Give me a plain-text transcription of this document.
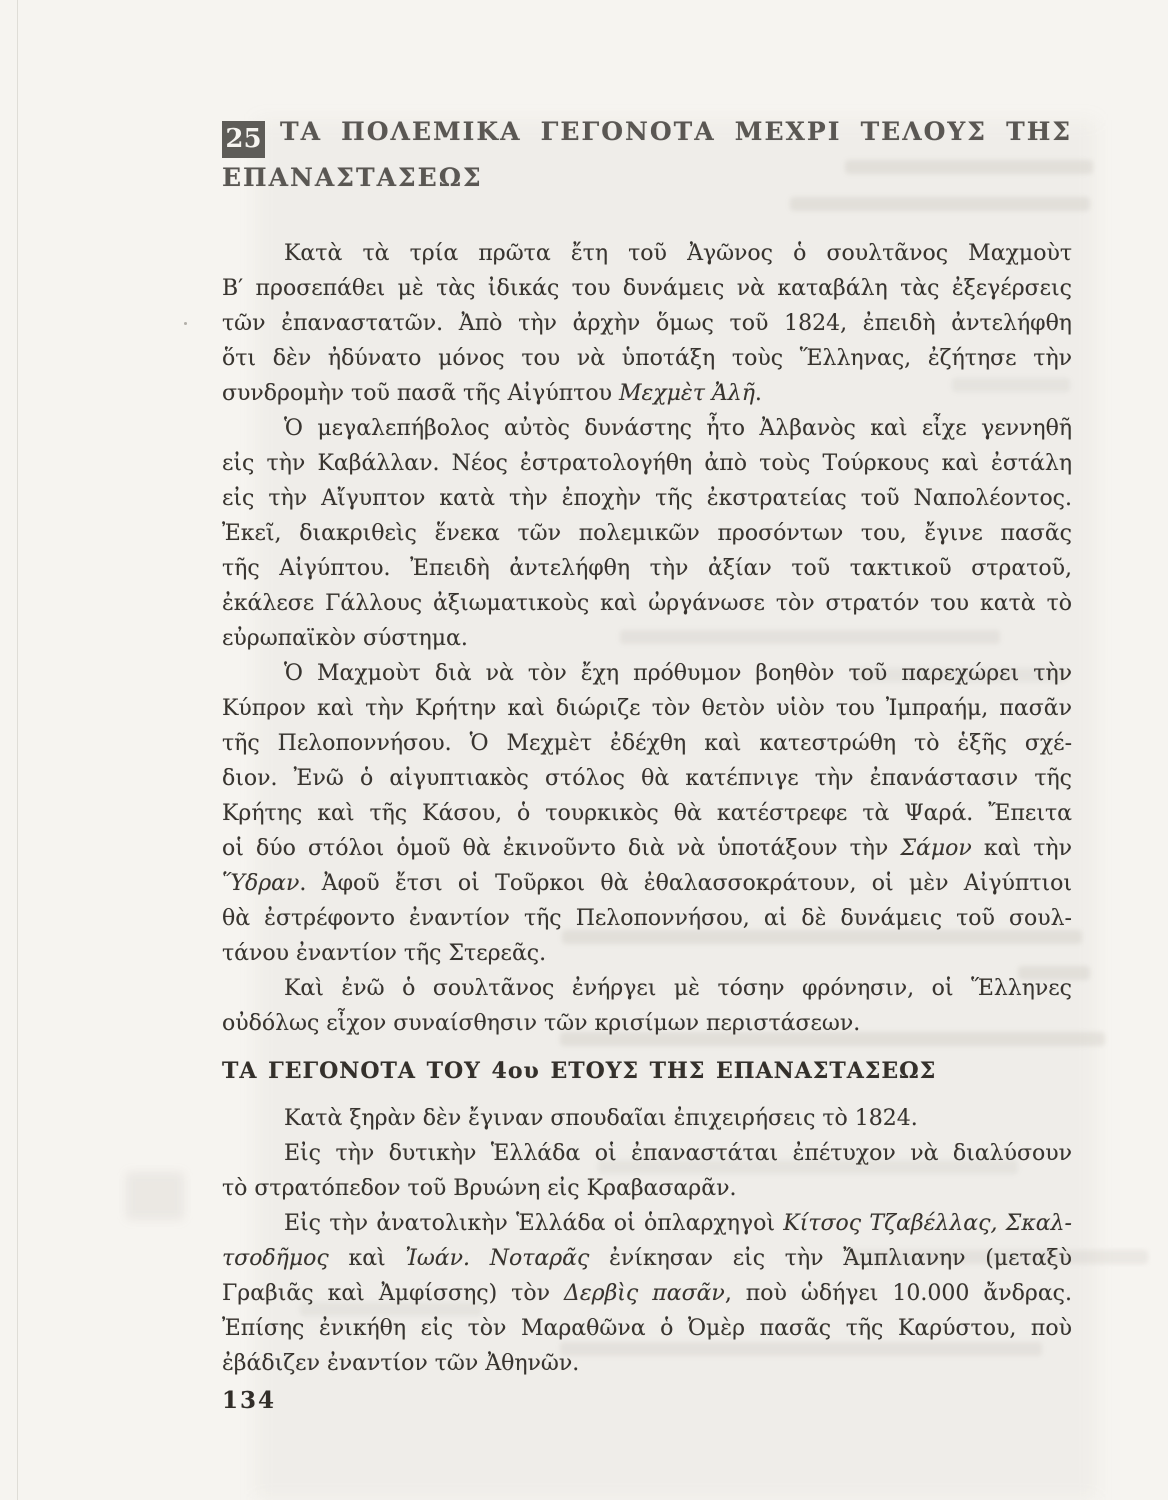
25 ΤΑ ΠΟΛΕΜΙΚΑ ΓΕΓΟΝΟΤΑ ΜΕΧΡΙ ΤΕΛΟΥΣ ΤΗΣ ΕΠΑΝΑΣΤΑΣΕΩΣ
Κατὰ τὰ τρία πρῶτα ἔτη τοῦ Ἀγῶνος ὁ σουλτᾶνος Μαχμοὺτ
Β′ προσεπάθει μὲ τὰς ἰδικάς του δυνάμεις νὰ καταβάλη τὰς ἐξεγέρσεις
τῶν ἐπαναστατῶν. Ἀπὸ τὴν ἀρχὴν ὅμως τοῦ 1824, ἐπειδὴ ἀντελήφθη
ὅτι δὲν ἠδύνατο μόνος του νὰ ὑποτάξη τοὺς Ἕλληνας, ἐζήτησε τὴν
συνδρομὴν τοῦ πασᾶ τῆς Αἰγύπτου Μεχμὲτ Ἀλῆ.
Ὁ μεγαλεπήβολος αὐτὸς δυνάστης ἦτο Ἀλβανὸς καὶ εἶχε γεννηθῆ
εἰς τὴν Καβάλλαν. Νέος ἐστρατολογήθη ἀπὸ τοὺς Τούρκους καὶ ἐστάλη
εἰς τὴν Αἴγυπτον κατὰ τὴν ἐποχὴν τῆς ἐκστρατείας τοῦ Ναπολέοντος.
Ἐκεῖ, διακριθεὶς ἕνεκα τῶν πολεμικῶν προσόντων του, ἔγινε πασᾶς
τῆς Αἰγύπτου. Ἐπειδὴ ἀντελήφθη τὴν ἀξίαν τοῦ τακτικοῦ στρατοῦ,
ἐκάλεσε Γάλλους ἀξιωματικοὺς καὶ ὠργάνωσε τὸν στρατόν του κατὰ τὸ
εὐρωπαϊκὸν σύστημα.
Ὁ Μαχμοὺτ διὰ νὰ τὸν ἔχη πρόθυμον βοηθὸν τοῦ παρεχώρει τὴν
Κύπρον καὶ τὴν Κρήτην καὶ διώριζε τὸν θετὸν υἱὸν του Ἰμπραήμ, πασᾶν
τῆς Πελοποννήσου. Ὁ Μεχμὲτ ἐδέχθη καὶ κατεστρώθη τὸ ἑξῆς σχέ-
διον. Ἐνῶ ὁ αἰγυπτιακὸς στόλος θὰ κατέπνιγε τὴν ἐπανάστασιν τῆς
Κρήτης καὶ τῆς Κάσου, ὁ τουρκικὸς θὰ κατέστρεφε τὰ Ψαρά. Ἔπειτα
οἱ δύο στόλοι ὁμοῦ θὰ ἐκινοῦντο διὰ νὰ ὑποτάξουν τὴν Σάμον καὶ τὴν
Ὕδραν. Ἀφοῦ ἔτσι οἱ Τοῦρκοι θὰ ἐθαλασσοκράτουν, οἱ μὲν Αἰγύπτιοι
θὰ ἐστρέφοντο ἐναντίον τῆς Πελοποννήσου, αἱ δὲ δυνάμεις τοῦ σουλ-
τάνου ἐναντίον τῆς Στερεᾶς.
Καὶ ἐνῶ ὁ σουλτᾶνος ἐνήργει μὲ τόσην φρόνησιν, οἱ Ἕλληνες
οὐδόλως εἶχον συναίσθησιν τῶν κρισίμων περιστάσεων.
ΤΑ ΓΕΓΟΝΟΤΑ ΤΟΥ 4ου ΕΤΟΥΣ ΤΗΣ ΕΠΑΝΑΣΤΑΣΕΩΣ
Κατὰ ξηρὰν δὲν ἔγιναν σπουδαῖαι ἐπιχειρήσεις τὸ 1824.
Εἰς τὴν δυτικὴν Ἑλλάδα οἱ ἐπαναστάται ἐπέτυχον νὰ διαλύσουν
τὸ στρατόπεδον τοῦ Βρυώνη εἰς Κραβασαρᾶν.
Εἰς τὴν ἀνατολικὴν Ἑλλάδα οἱ ὁπλαρχηγοὶ Κίτσος Τζαβέλλας, Σκαλ-
τσοδῆμος καὶ Ἰωάν. Νοταρᾶς ἐνίκησαν εἰς τὴν Ἄμπλιανην (μεταξὺ
Γραβιᾶς καὶ Ἀμφίσσης) τὸν Δερβὶς πασᾶν, ποὺ ὡδήγει 10.000 ἄνδρας.
Ἐπίσης ἐνικήθη εἰς τὸν Μαραθῶνα ὁ Ὀμὲρ πασᾶς τῆς Καρύστου, ποὺ
ἐβάδιζεν ἐναντίον τῶν Ἀθηνῶν.
134
